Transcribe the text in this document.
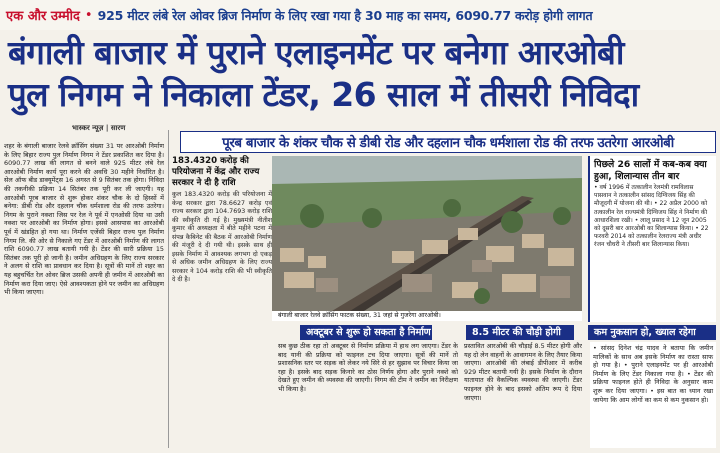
एक और उम्मीद • 925 मीटर लंबे रेल ओवर ब्रिज निर्माण के लिए रखा गया है 30 माह का समय, 6090.77 करोड़ होगी लागत
बंगाली बाजार में पुराने एलाइनमेंट पर बनेगा आरओबी
पुल निगम ने निकाला टेंडर, 26 साल में तीसरी निविदा
भास्कर न्यूज़ | सारण
शहर के बंगाली बाजार रेलवे क्रॉसिंग संख्या 31 पर आरओबी निर्माण के लिए बिहार राज्य पुल निर्माण निगम ने टेंडर प्रकाशित कर दिया है। 6090.77 लाख की लागत से बनने वाले 925 मीटर लंबे रेल आरओबी निर्माण कार्य पूरा करने की अवधि 30 महीने निर्धारित है। सेल ऑफ बीड डाक्यूमेंट्स 16 अगस्त से 9 सितंबर तक होगा। निविदा की तकनीकी प्रक्रिया 14 सितंबर तक पूरी कर ली जाएगी। यह आरओबी पूरब बाजार से शुरू होकर शंकर चौक के दो हिस्सों में बनेगा: डीबी रोड और दहलान चौक धर्मशाला रोड की तरफ उतरेगा। निगम के पुराने नक्शा जिस पर रेल ने पूर्व में एनओसी दिया था उसी नक्शा पर आरओबी का निर्माण होगा। इससे आसपास का आरओबी पूर्व में खंडहित हो गया था। निर्माण एजेंसी बिहार राज्य पुल निर्माण निगम लि. की ओर से निकाले गए टेंडर में आरओबी निर्माण की लागत राशि 6090.77 लाख बतायी गयी है। टेंडर की सारी प्रक्रिया 15 सितंबर तक पूरी हो जानी है। जमीन अधिग्रहण के लिए राज्य सरकार ने अलग से राशि का प्रावधान कर दिया है। सूत्रों की मानें तो शहर का यह बहुचर्चित रेल ओवर ब्रिज उसकी अपनी ही जमीन में आरओबी का निर्माण करा दिया जाए। ऐसे आवश्यकता होने पर जमीन का अधिग्रहण भी किया जाएगा।
पूरब बाजार के शंकर चौक से डीबी रोड और दहलान चौक धर्मशाला रोड की तरफ उतरेगा आरओबी
183.4320 करोड़ की परियोजना में केंद्र और राज्य सरकार ने दी है राशि
कुल 183.4320 करोड़ की परियोजना में केन्द्र सरकार द्वारा 78.6627 करोड़ एवं राज्य सरकार द्वारा 104.7693 करोड़ राशि की स्वीकृति दी गई है। मुख्यमंत्री नीतीश कुमार की अध्यक्षता में बीते महीने पटना में संपन्न कैबिनेट की बैठक में आरओबी निर्माण की मंजूरी दे दी गयी थी। इसके साथ ही इसके निर्माण में आवश्यक लगभग दो एकड़ से अधिक जमीन अधिग्रहण के लिए राज्य सरकार ने 104 करोड़ राशि की भी स्वीकृति दे दी है।
बंगाली बाजार रेलवे क्रॉसिंग फाटक संख्या, 31 जहां से गुजरेगा आरओबी।
पिछले 26 सालों में कब-कब क्या हुआ, शिलान्यास तीन बार
• वर्ष 1996 में तत्कालीन रेलमंत्री रामविलास पासवान ने तत्कालीन सांसद दिग्विजय सिंह की मौजूदगी में योजना की थी। • 22 अप्रैल 2000 को तत्कालीन रेल राज्यमंत्री दिग्विजय सिंह ने निर्माण की आधारशिला रखी। • लालू प्रसाद ने 12 जून 2005 को दूसरी बार आरओबी का शिलान्यास किया। • 22 फरवरी 2014 को तत्कालीन रेलराज्य मंत्री अधीर रंजन चौधरी ने तीसरी बार शिलान्यास किया।
अक्टूबर से शुरू हो सकता है निर्माण	8.5 मीटर की चौड़ी होगी	कम नुकसान हो, ख्याल रहेगा
सब कुछ ठीक रहा तो अक्टूबर से निर्माण प्रक्रिया में हाथ लग जाएगा। टेंडर के बाद यानी की प्रक्रिया को फाइनल टच दिया जाएगा। सूत्रों की मानें तो प्रशासनिक स्तर पर सड़क को लेकर नये सिरे से हर सुझाव पर विचार किया जा रहा है। इसके बाद सड़क किनारे का ठोस निर्णय होगा और पुराने नक्शे को देखते हुए जमीन की व्यवस्था की जाएगी। निगम की टीम ने जमीन का निरीक्षण भी किया है।
प्रस्तावित आरओबी की चौड़ाई 8.5 मीटर होगी और यह दो लेन वाहनों के आवागमन के लिए तैयार किया जाएगा। आरओबी की लंबाई डीपीआर में करीब 929 मीटर बतायी गयी है। इसके निर्माण के दौरान यातायात की वैकल्पिक व्यवस्था की जाएगी। टेंडर फाइनल होने के बाद इसको अंतिम रूप दे दिया जाएगा।
• सांसद दिनेश चंद्र यादव ने बताया कि जमीन मालिकों के साथ अब इसके निर्माण का रास्ता साफ हो गया है। • पुराने एलाइनमेंट पर ही आरओबी निर्माण के लिए टेंडर निकाला गया है। • टेंडर की प्रक्रिया फाइनल होते ही निविदा के अनुसार काम शुरू कर दिया जाएगा। • इस बात का ध्यान रखा जायेगा कि आम लोगों का कम से कम नुकसान हो।
